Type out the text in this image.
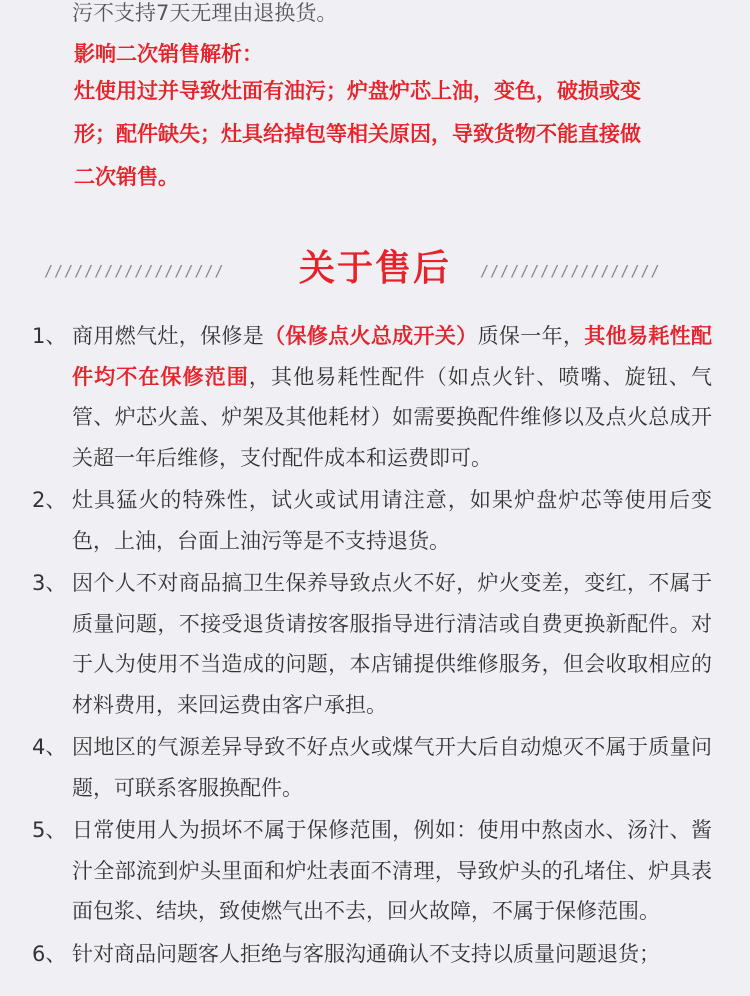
污不支持7天无理由退换货。
影响二次销售解析：
灶使用过并导致灶面有油污；炉盘炉芯上油，变色，破损或变
形；配件缺失；灶具给掉包等相关原因，导致货物不能直接做
二次销售。
//////////////////	关于售后	//////////////////
1、 商用燃气灶，保修是（保修点火总成开关）质保一年，其他易耗性配件均不在保修范围，其他易耗性配件（如点火针、喷嘴、旋钮、气管、炉芯火盖、炉架及其他耗材）如需要换配件维修以及点火总成开关超一年后维修，支付配件成本和运费即可。
2、 灶具猛火的特殊性，试火或试用请注意，如果炉盘炉芯等使用后变色，上油，台面上油污等是不支持退货。
3、 因个人不对商品搞卫生保养导致点火不好，炉火变差，变红，不属于质量问题，不接受退货请按客服指导进行清洁或自费更换新配件。对于人为使用不当造成的问题，本店铺提供维修服务，但会收取相应的材料费用，来回运费由客户承担。
4、 因地区的气源差异导致不好点火或煤气开大后自动熄灭不属于质量问题，可联系客服换配件。
5、 日常使用人为损坏不属于保修范围，例如：使用中熬卤水、汤汁、酱汁全部流到炉头里面和炉灶表面不清理，导致炉头的孔堵住、炉具表面包浆、结块，致使燃气出不去，回火故障，不属于保修范围。
6、 针对商品问题客人拒绝与客服沟通确认不支持以质量问题退货；
